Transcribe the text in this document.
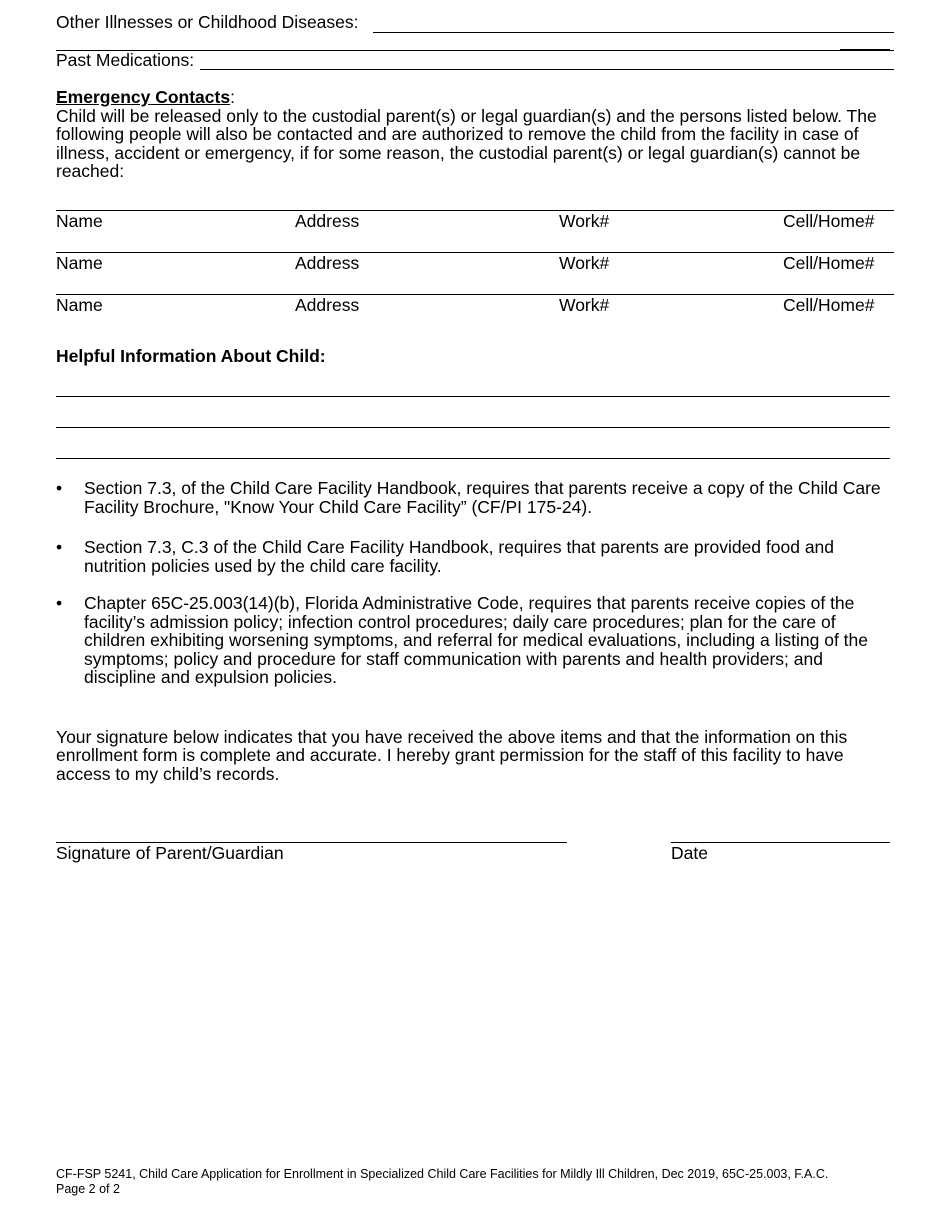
Other Illnesses or Childhood Diseases:
Past Medications:
Emergency Contacts:
Child will be released only to the custodial parent(s) or legal guardian(s) and the persons listed below. The following people will also be contacted and are authorized to remove the child from the facility in case of illness, accident or emergency, if for some reason, the custodial parent(s) or legal guardian(s) cannot be reached:
Name	Address	Work#	Cell/Home#
Name	Address	Work#	Cell/Home#
Name	Address	Work#	Cell/Home#
Helpful Information About Child:
•	Section 7.3, of the Child Care Facility Handbook, requires that parents receive a copy of the Child Care Facility Brochure, "Know Your Child Care Facility” (CF/PI 175-24).
•	Section 7.3, C.3 of the Child Care Facility Handbook, requires that parents are provided food and nutrition policies used by the child care facility.
•	Chapter 65C-25.003(14)(b), Florida Administrative Code, requires that parents receive copies of the facility’s admission policy; infection control procedures; daily care procedures; plan for the care of children exhibiting worsening symptoms, and referral for medical evaluations, including a listing of the symptoms; policy and procedure for staff communication with parents and health providers; and discipline and expulsion policies.
Your signature below indicates that you have received the above items and that the information on this enrollment form is complete and accurate. I hereby grant permission for the staff of this facility to have access to my child’s records.
Signature of Parent/Guardian	Date
CF-FSP 5241, Child Care Application for Enrollment in Specialized Child Care Facilities for Mildly Ill Children, Dec 2019, 65C-25.003, F.A.C.
Page 2 of 2
